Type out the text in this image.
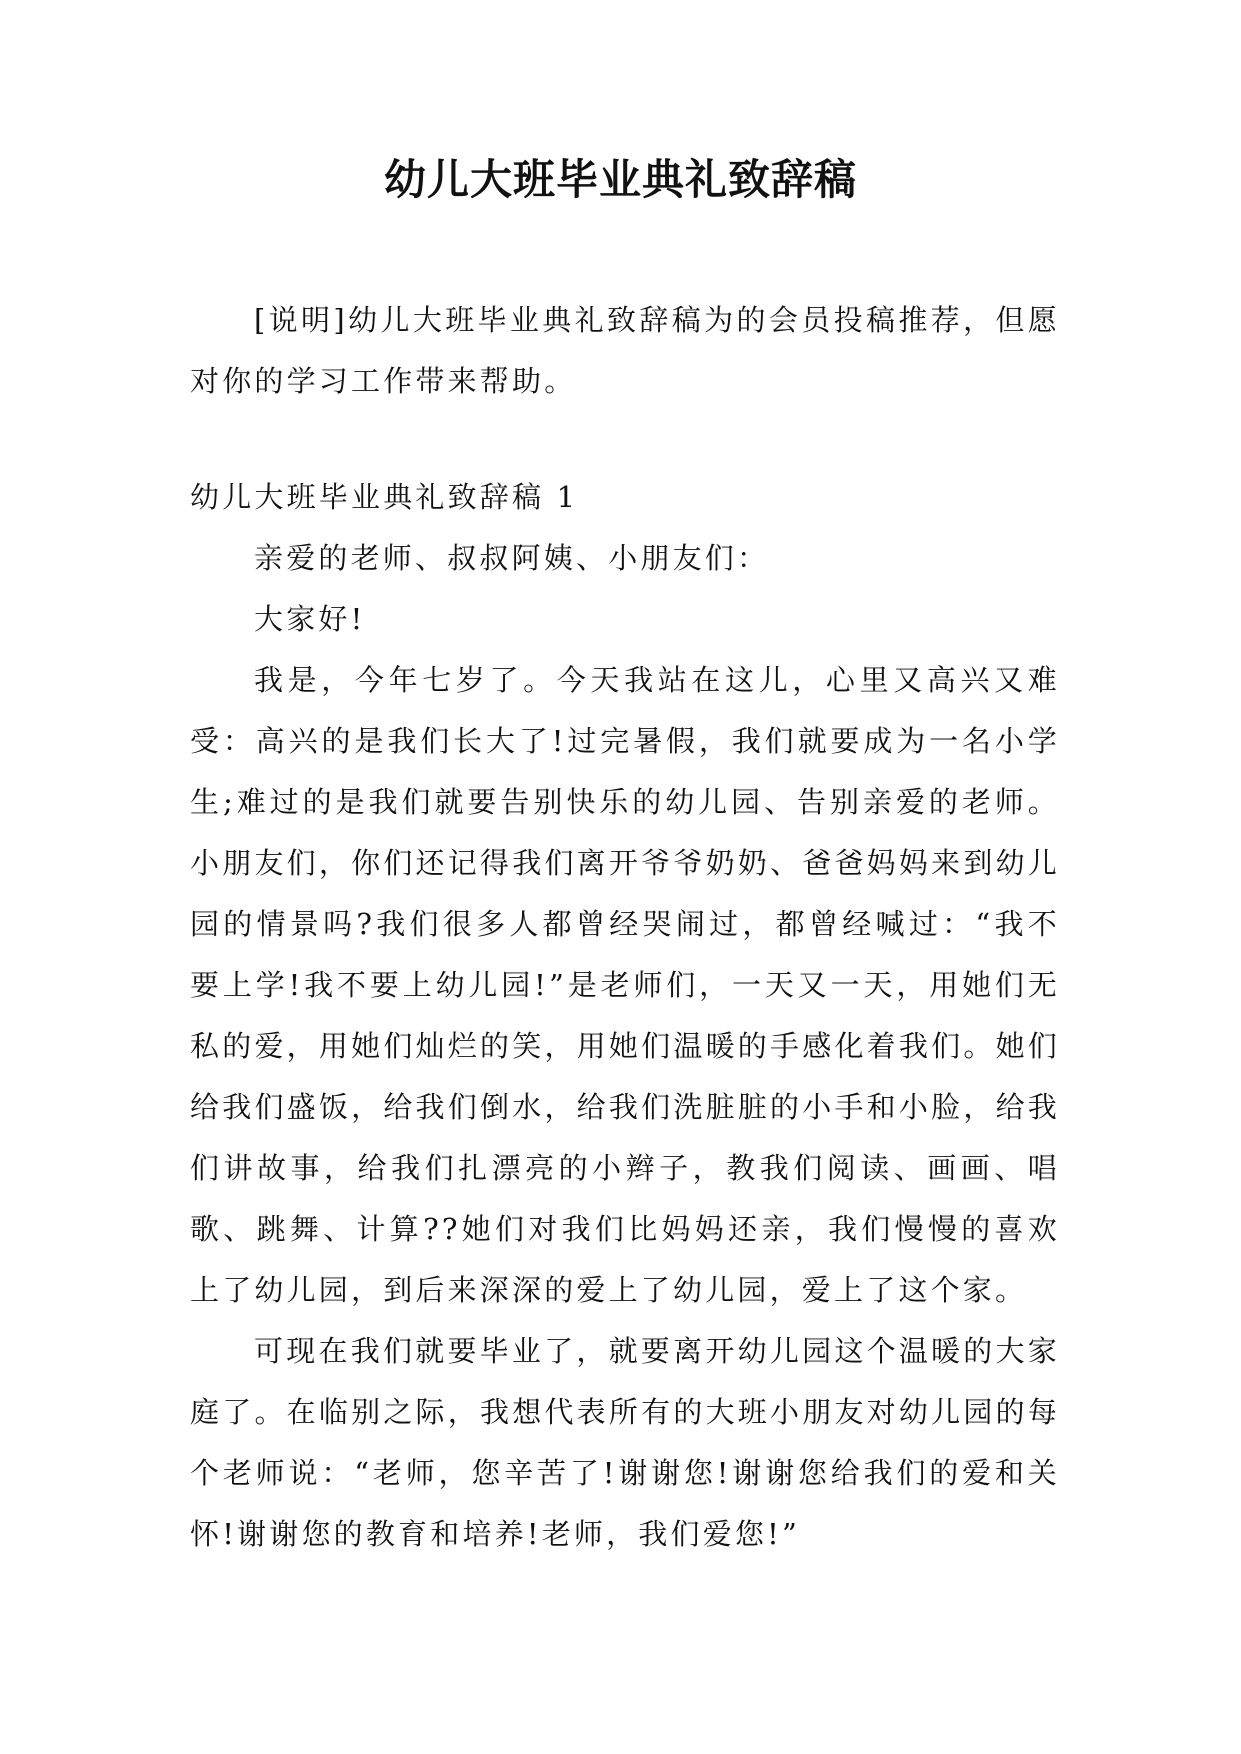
幼儿大班毕业典礼致辞稿

[说明]幼儿大班毕业典礼致辞稿为的会员投稿推荐，但愿对你的学习工作带来帮助。

幼儿大班毕业典礼致辞稿 1

亲爱的老师、叔叔阿姨、小朋友们：

大家好!

我是，今年七岁了。今天我站在这儿，心里又高兴又难受：高兴的是我们长大了!过完暑假，我们就要成为一名小学生;难过的是我们就要告别快乐的幼儿园、告别亲爱的老师。小朋友们，你们还记得我们离开爷爷奶奶、爸爸妈妈来到幼儿园的情景吗?我们很多人都曾经哭闹过，都曾经喊过：“我不要上学!我不要上幼儿园!”是老师们，一天又一天，用她们无私的爱，用她们灿烂的笑，用她们温暖的手感化着我们。她们给我们盛饭，给我们倒水，给我们洗脏脏的小手和小脸，给我们讲故事，给我们扎漂亮的小辫子，教我们阅读、画画、唱歌、跳舞、计算??她们对我们比妈妈还亲，我们慢慢的喜欢上了幼儿园，到后来深深的爱上了幼儿园，爱上了这个家。

可现在我们就要毕业了，就要离开幼儿园这个温暖的大家庭了。在临别之际，我想代表所有的大班小朋友对幼儿园的每个老师说：“老师，您辛苦了!谢谢您!谢谢您给我们的爱和关怀!谢谢您的教育和培养!老师，我们爱您!”
